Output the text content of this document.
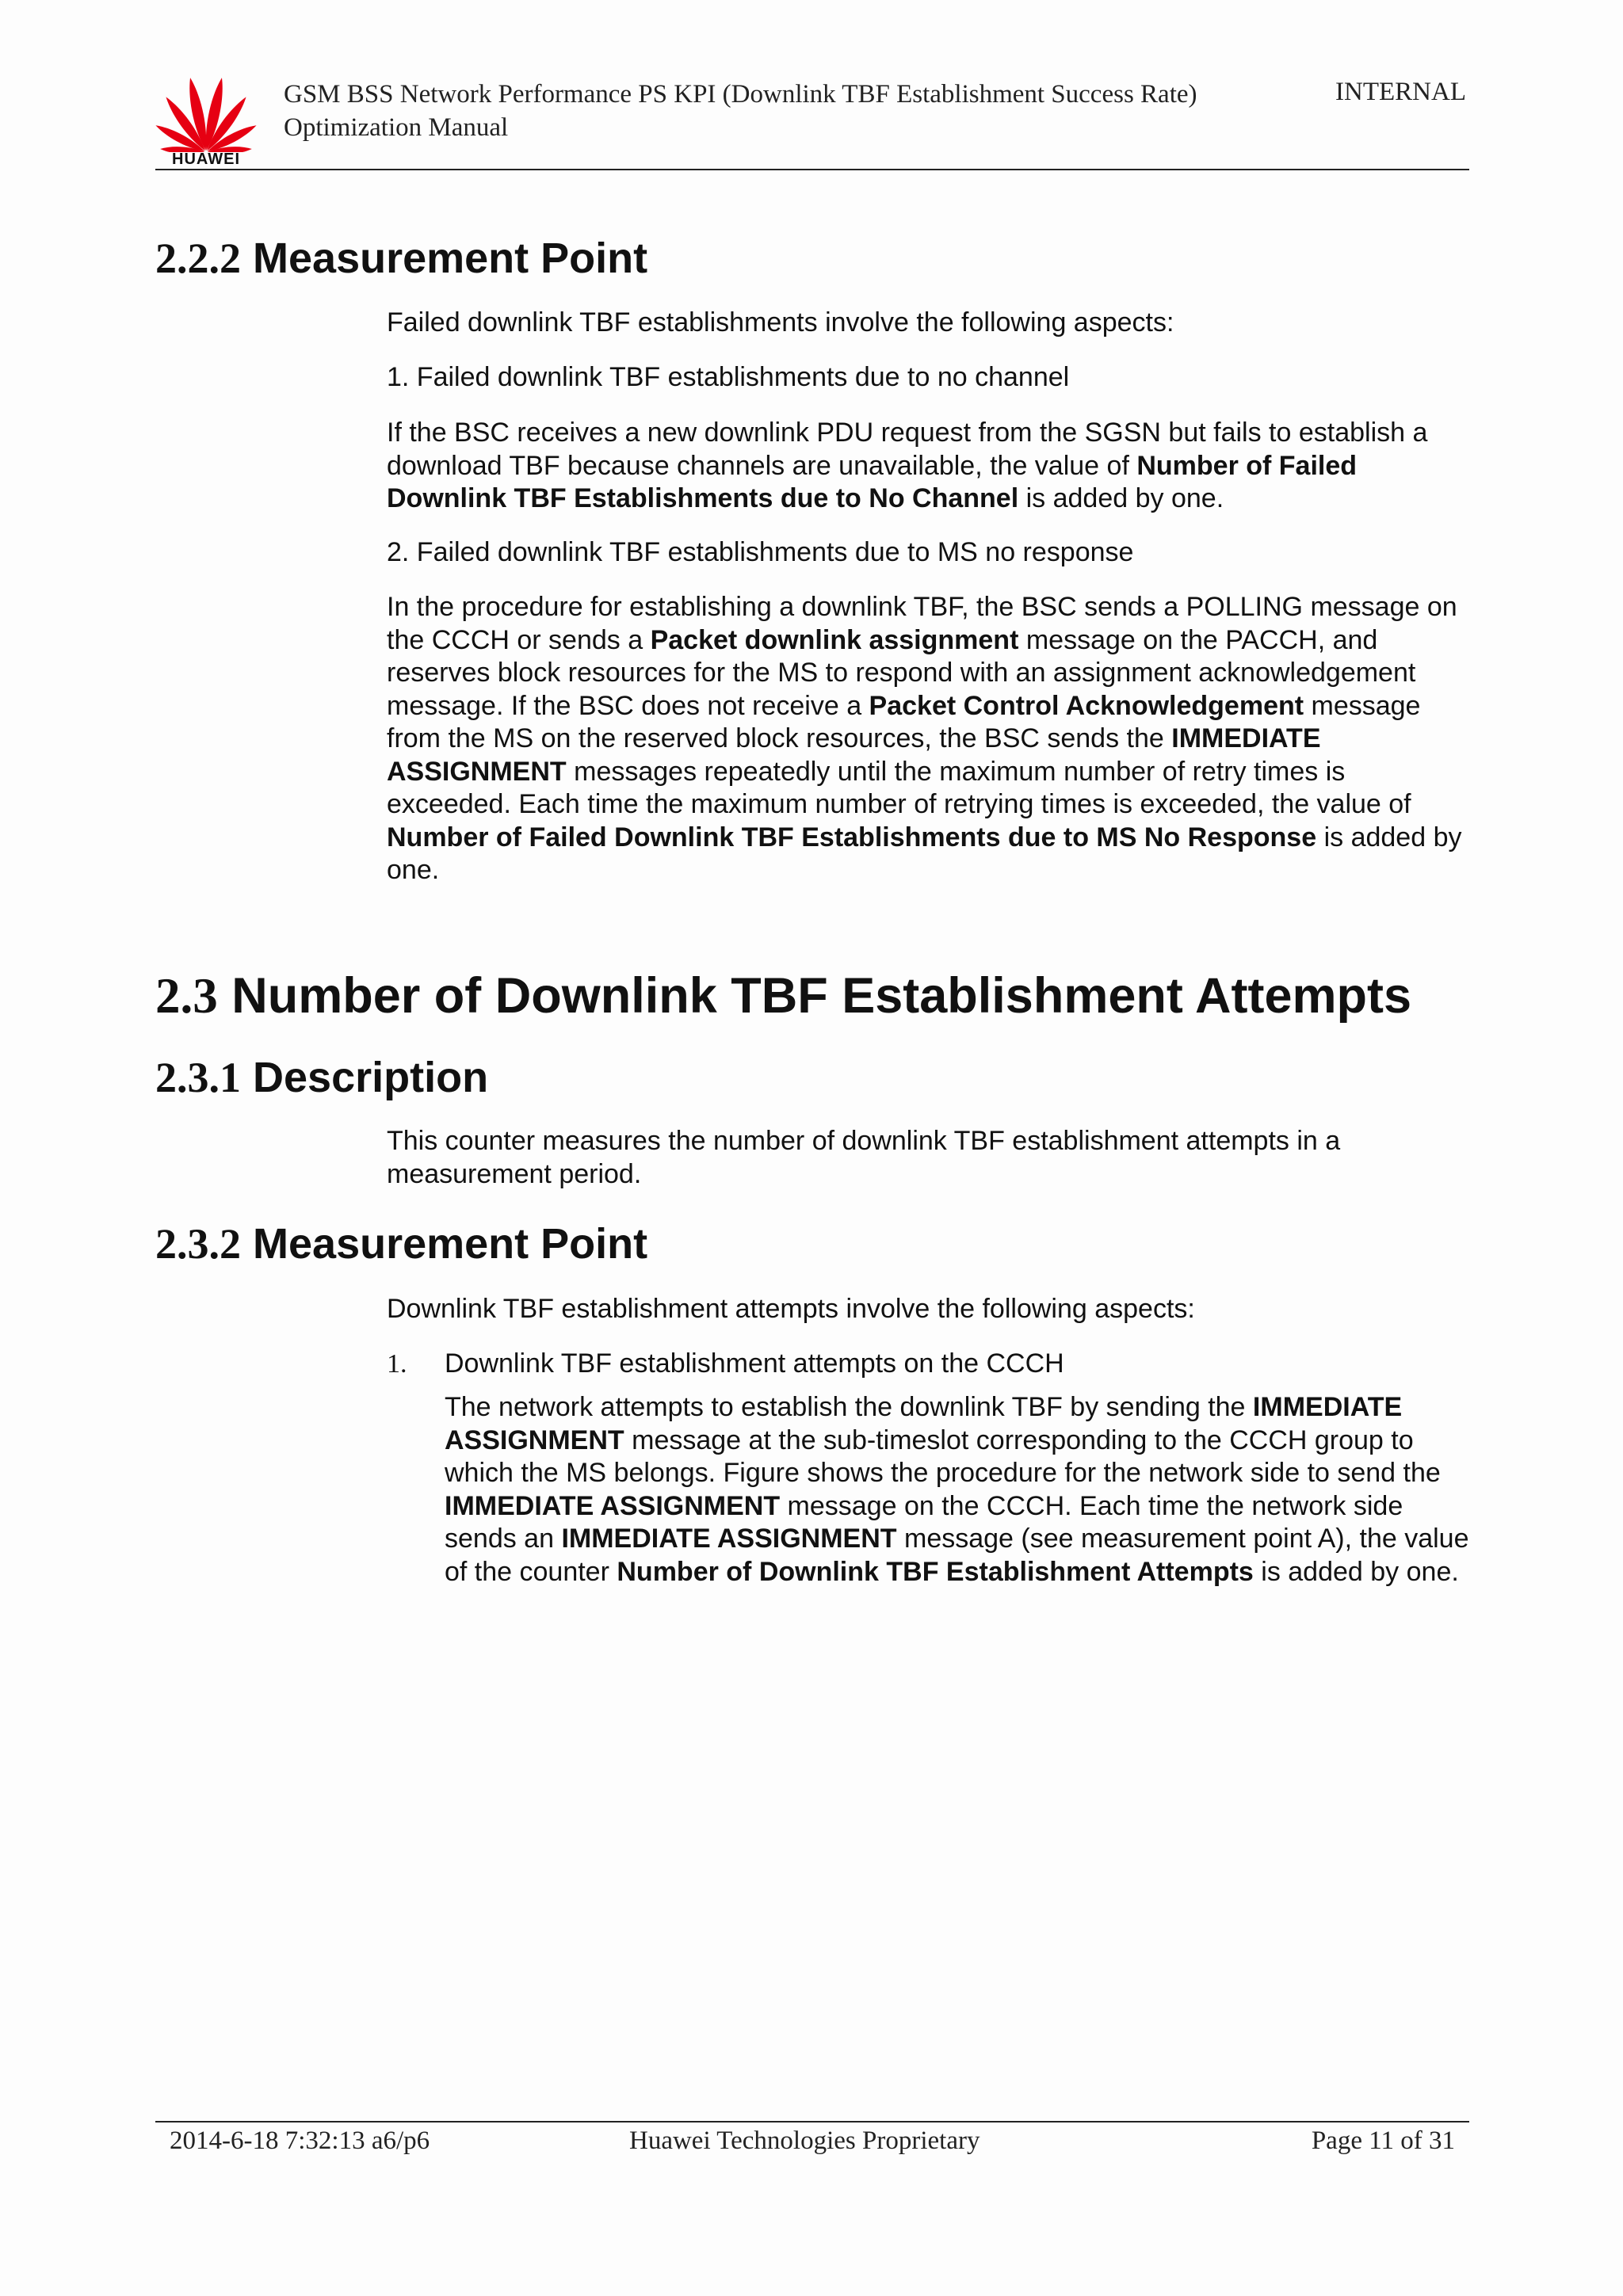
HUAWEI
GSM BSS Network Performance PS KPI (Downlink TBF Establishment Success Rate) Optimization Manual
INTERNAL
2.2.2 Measurement Point
Failed downlink TBF establishments involve the following aspects:
1. Failed downlink TBF establishments due to no channel
If the BSC receives a new downlink PDU request from the SGSN but fails to establish a download TBF because channels are unavailable, the value of Number of Failed Downlink TBF Establishments due to No Channel is added by one.
2. Failed downlink TBF establishments due to MS no response
In the procedure for establishing a downlink TBF, the BSC sends a POLLING message on the CCCH or sends a Packet downlink assignment message on the PACCH, and reserves block resources for the MS to respond with an assignment acknowledgement message. If the BSC does not receive a Packet Control Acknowledgement message from the MS on the reserved block resources, the BSC sends the IMMEDIATE ASSIGNMENT messages repeatedly until the maximum number of retry times is exceeded. Each time the maximum number of retrying times is exceeded, the value of Number of Failed Downlink TBF Establishments due to MS No Response is added by one.
2.3 Number of Downlink TBF Establishment Attempts
2.3.1 Description
This counter measures the number of downlink TBF establishment attempts in a measurement period.
2.3.2 Measurement Point
Downlink TBF establishment attempts involve the following aspects:
1. Downlink TBF establishment attempts on the CCCH
The network attempts to establish the downlink TBF by sending the IMMEDIATE ASSIGNMENT message at the sub-timeslot corresponding to the CCCH group to which the MS belongs. Figure shows the procedure for the network side to send the IMMEDIATE ASSIGNMENT message on the CCCH. Each time the network side sends an IMMEDIATE ASSIGNMENT message (see measurement point A), the value of the counter Number of Downlink TBF Establishment Attempts is added by one.
2014-6-18 7:32:13 a6/p6	Huawei Technologies Proprietary	Page 11 of 31
